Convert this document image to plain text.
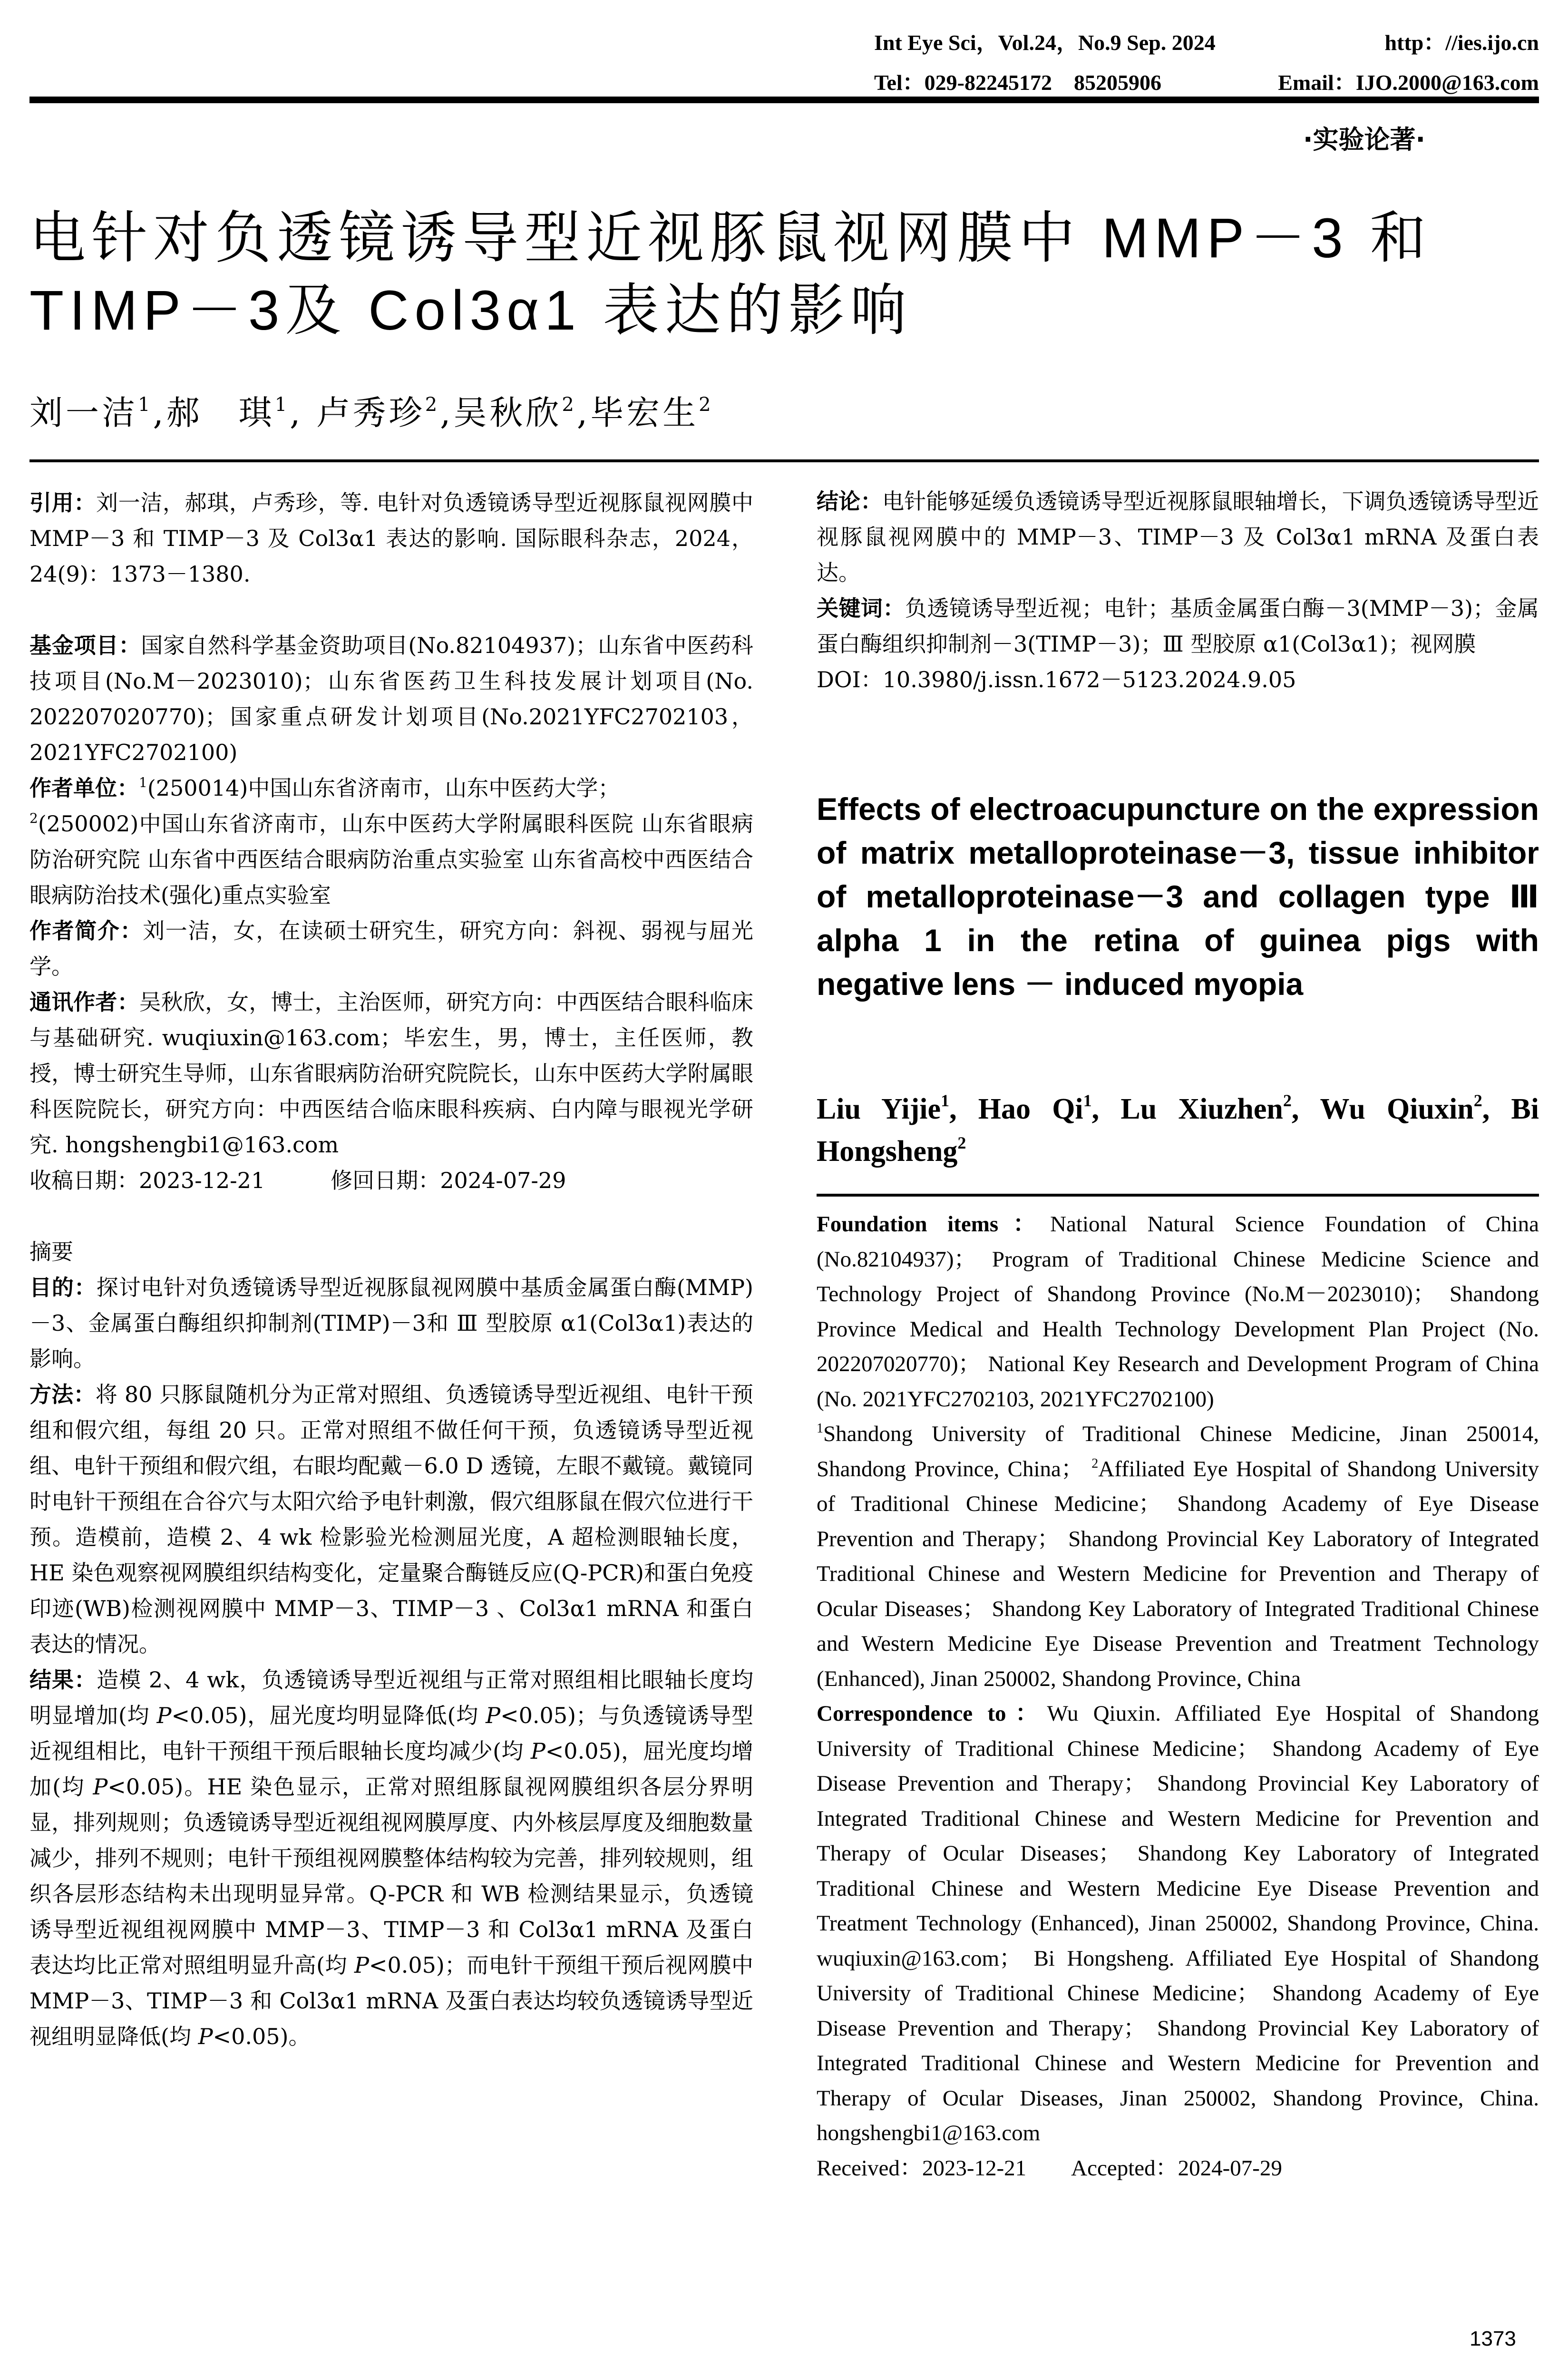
Int Eye Sci，Vol.24，No.9 Sep. 2024	http：//ies.ijo.cn
Tel：029-82245172　85205906	Email：IJO.2000@163.com
·实验论著·
电针对负透镜诱导型近视豚鼠视网膜中 MMP－3 和
TIMP－3及 Col3α1 表达的影响
刘一洁$^1$,郝　琪$^1$, 卢秀珍$^2$,吴秋欣$^2$,毕宏生$^2$

引用：刘一洁，郝琪，卢秀珍，等. 电针对负透镜诱导型近视豚鼠视网膜中 MMP－3 和 TIMP－3 及 Col3α1 表达的影响. 国际眼科杂志，2024，24(9)：1373－1380.

基金项目：国家自然科学基金资助项目(No.82104937)；山东省中医药科技项目(No.M－2023010)；山东省医药卫生科技发展计划项目(No. 202207020770)；国家重点研发计划项目(No.2021YFC2702103，2021YFC2702100)

作者单位：$^1$(250014)中国山东省济南市，山东中医药大学；
$^2$(250002)中国山东省济南市，山东中医药大学附属眼科医院 山东省眼病防治研究院 山东省中西医结合眼病防治重点实验室 山东省高校中西医结合眼病防治技术(强化)重点实验室

作者简介：刘一洁，女，在读硕士研究生，研究方向：斜视、弱视与屈光学。

通讯作者：吴秋欣，女，博士，主治医师，研究方向：中西医结合眼科临床与基础研究. wuqiuxin@163.com；毕宏生，男，博士，主任医师，教授，博士研究生导师，山东省眼病防治研究院院长，山东中医药大学附属眼科医院院长，研究方向：中西医结合临床眼科疾病、白内障与眼视光学研究. hongshengbi1@163.com

收稿日期： 2023-12-21
　　　	修回日期： 2024-07-29

摘要

目的：探讨电针对负透镜诱导型近视豚鼠视网膜中基质金属蛋白酶(MMP)－3、金属蛋白酶组织抑制剂(TIMP)－3和 Ⅲ 型胶原 α1(Col3α1)表达的影响。

方法：将 80 只豚鼠随机分为正常对照组、负透镜诱导型近视组、电针干预组和假穴组，每组 20 只。正常对照组不做任何干预，负透镜诱导型近视组、电针干预组和假穴组，右眼均配戴－6.0 D 透镜，左眼不戴镜。戴镜同时电针干预组在合谷穴与太阳穴给予电针刺激，假穴组豚鼠在假穴位进行干预。造模前，造模 2、4 wk 检影验光检测屈光度，A 超检测眼轴长度，HE 染色观察视网膜组织结构变化，定量聚合酶链反应(Q-PCR)和蛋白免疫印迹(WB)检测视网膜中 MMP－3、TIMP－3 、Col3α1 mRNA 和蛋白表达的情况。

结果：造模 2、4 wk，负透镜诱导型近视组与正常对照组相比眼轴长度均明显增加(均 P<0.05)，屈光度均明显降低(均 P<0.05)；与负透镜诱导型近视组相比，电针干预组干预后眼轴长度均减少(均 P<0.05)，屈光度均增加(均 P<0.05)。HE 染色显示，正常对照组豚鼠视网膜组织各层分界明显，排列规则；负透镜诱导型近视组视网膜厚度、内外核层厚度及细胞数量减少，排列不规则；电针干预组视网膜整体结构较为完善，排列较规则，组织各层形态结构未出现明显异常。Q-PCR 和 WB 检测结果显示，负透镜诱导型近视组视网膜中 MMP－3、TIMP－3 和 Col3α1 mRNA 及蛋白表达均比正常对照组明显升高(均 P<0.05)；而电针干预组干预后视网膜中 MMP－3、TIMP－3 和 Col3α1 mRNA 及蛋白表达均较负透镜诱导型近视组明显降低(均 P<0.05)。

结论：电针能够延缓负透镜诱导型近视豚鼠眼轴增长，下调负透镜诱导型近视豚鼠视网膜中的 MMP－3、TIMP－3 及 Col3α1 mRNA 及蛋白表达。

关键词：负透镜诱导型近视；电针；基质金属蛋白酶－3(MMP－3)；金属蛋白酶组织抑制剂－3(TIMP－3)；Ⅲ 型胶原 α1(Col3α1)；视网膜

DOI：10.3980/j.issn.1672－5123.2024.9.05

Effects of electroacupuncture on the expression of matrix metalloproteinase－3, tissue inhibitor of metalloproteinase－3 and collagen type Ⅲ alpha 1 in the retina of guinea pigs with negative lens － induced myopia
Liu Yijie$^1$, Hao Qi$^1$, Lu Xiuzhen$^2$, Wu Qiuxin$^2$, Bi Hongsheng$^2$

Foundation items：National Natural Science Foundation of China (No.82104937)； Program of Traditional Chinese Medicine Science and Technology Project of Shandong Province (No.M－2023010)； Shandong Province Medical and Health Technology Development Plan Project (No. 202207020770)； National Key Research and Development Program of China (No. 2021YFC2702103, 2021YFC2702100)

$^1$Shandong University of Traditional Chinese Medicine, Jinan 250014, Shandong Province, China； $^2$Affiliated Eye Hospital of Shandong University of Traditional Chinese Medicine； Shandong Academy of Eye Disease Prevention and Therapy； Shandong Provincial Key Laboratory of Integrated Traditional Chinese and Western Medicine for Prevention and Therapy of Ocular Diseases； Shandong Key Laboratory of Integrated Traditional Chinese and Western Medicine Eye Disease Prevention and Treatment Technology (Enhanced), Jinan 250002, Shandong Province, China

Correspondence to：Wu Qiuxin. Affiliated Eye Hospital of Shandong University of Traditional Chinese Medicine； Shandong Academy of Eye Disease Prevention and Therapy； Shandong Provincial Key Laboratory of Integrated Traditional Chinese and Western Medicine for Prevention and Therapy of Ocular Diseases； Shandong Key Laboratory of Integrated Traditional Chinese and Western Medicine Eye Disease Prevention and Treatment Technology (Enhanced), Jinan 250002, Shandong Province, China. wuqiuxin@163.com； Bi Hongsheng. Affiliated Eye Hospital of Shandong University of Traditional Chinese Medicine； Shandong Academy of Eye Disease Prevention and Therapy； Shandong Provincial Key Laboratory of Integrated Traditional Chinese and Western Medicine for Prevention and Therapy of Ocular Diseases, Jinan 250002, Shandong Province, China. hongshengbi1@163.com

Received： 2023-12-21
Accepted： 2024-07-29

1373
